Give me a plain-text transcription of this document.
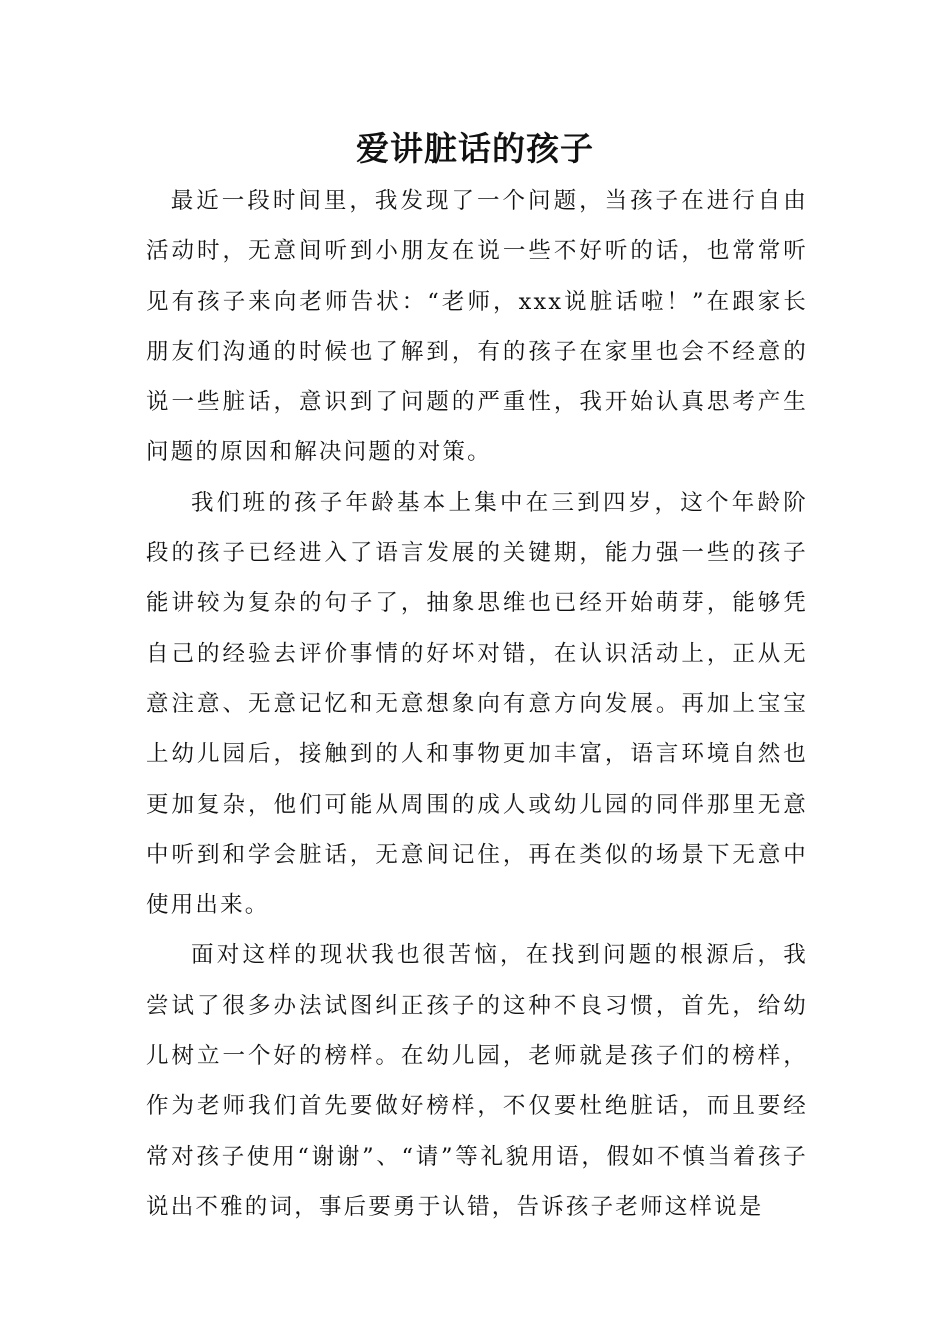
爱讲脏话的孩子

最近一段时间里，我发现了一个问题，当孩子在进行自由活动时，无意间听到小朋友在说一些不好听的话，也常常听见有孩子来向老师告状：“老师，xxx说脏话啦！”在跟家长朋友们沟通的时候也了解到，有的孩子在家里也会不经意的 说一些脏话，意识到了问题的严重性，我开始认真思考产生问题的原因和解决问题的对策。

我们班的孩子年龄基本上集中在三到四岁，这个年龄阶段的孩子已经进入了语言发展的关键期，能力强一些的孩子能讲较为复杂的句子了，抽象思维也已经开始萌芽，能够凭自己的经验去评价事情的好坏对错，在认识活动上，正从无意注意、无意记忆和无意想象向有意方向发展。再加上宝宝上幼儿园后，接触到的人和事物更加丰富，语言环境自然也更加复杂，他们可能从周围的成人或幼儿园的同伴那里无意中听到和学会脏话，无意间记住，再在类似的场景下无意中使用出来。

面对这样的现状我也很苦恼，在找到问题的根源后，我尝试了很多办法试图纠正孩子的这种不良习惯，首先，给幼儿树立一个好的榜样。在幼儿园，老师就是孩子们的榜样，作为老师我们首先要做好榜样，不仅要杜绝脏话，而且要经常对孩子使用“谢谢”、“请”等礼貌用语，假如不慎当着孩子说出不雅的词，事后要勇于认错，告诉孩子老师这样说是
